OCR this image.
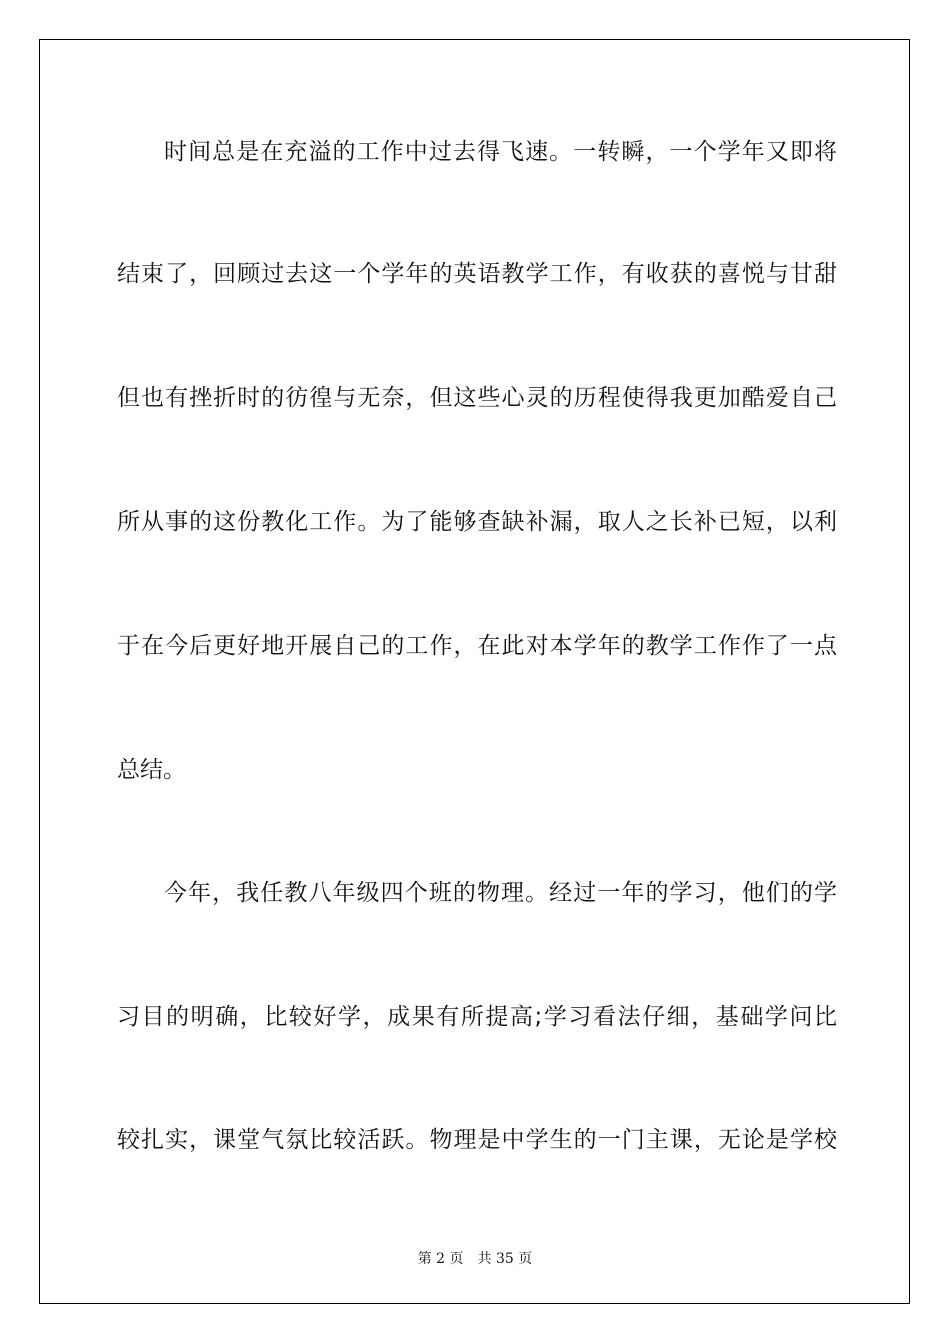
时间总是在充溢的工作中过去得飞速。一转瞬，一个学年又即将
结束了，回顾过去这一个学年的英语教学工作，有收获的喜悦与甘甜
但也有挫折时的彷徨与无奈，但这些心灵的历程使得我更加酷爱自己
所从事的这份教化工作。为了能够查缺补漏，取人之长补已短，以利
于在今后更好地开展自己的工作，在此对本学年的教学工作作了一点
总结。
今年，我任教八年级四个班的物理。经过一年的学习，他们的学
习目的明确，比较好学，成果有所提高;学习看法仔细，基础学问比
较扎实，课堂气氛比较活跃。物理是中学生的一门主课，无论是学校
第 2 页　共 35 页
